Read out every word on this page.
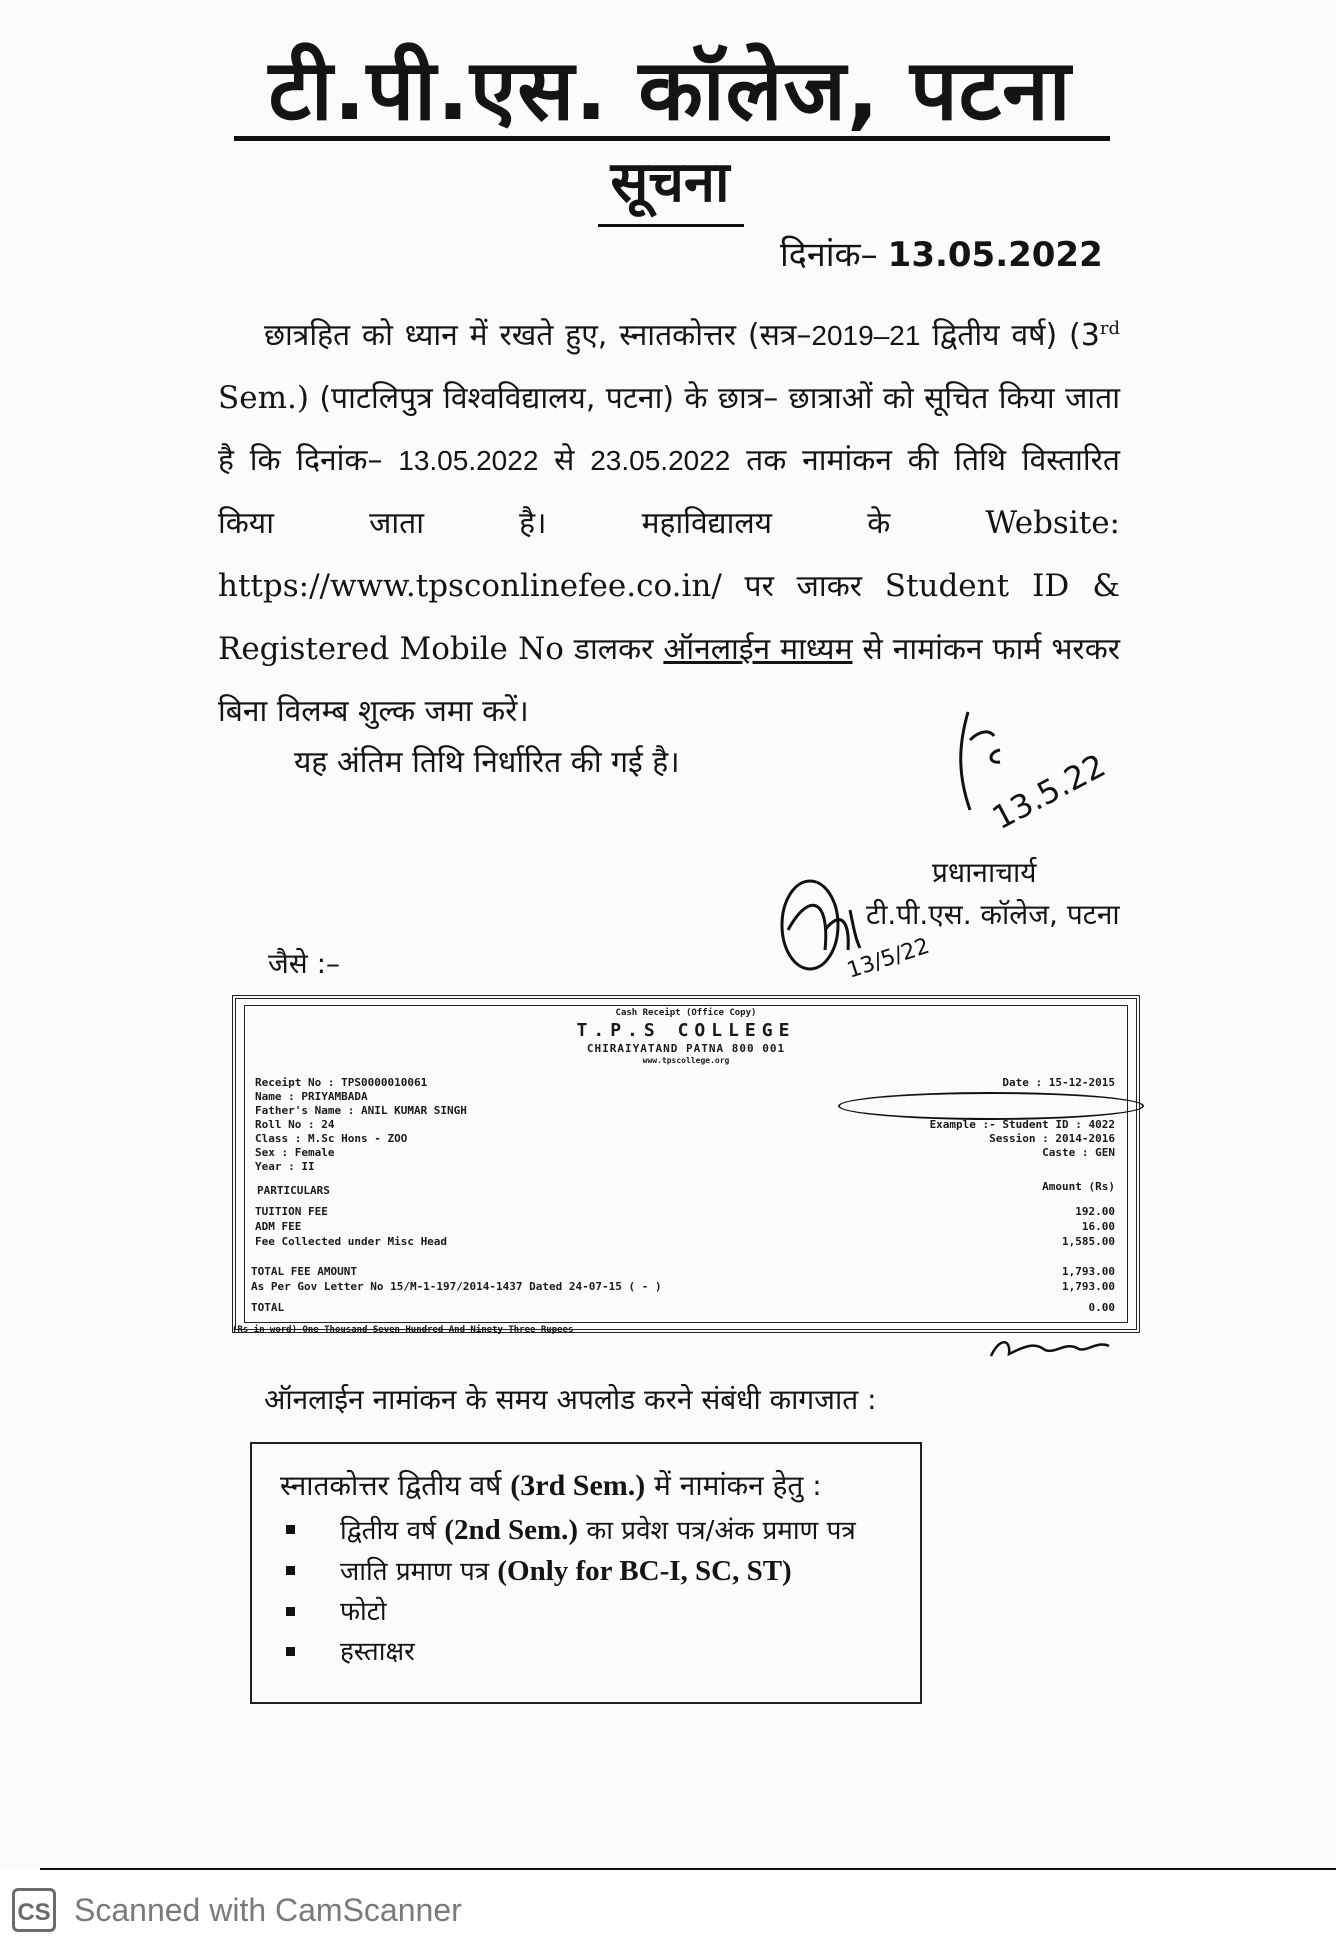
टी.पी.एस. कॉलेज, पटना
सूचना
दिनांक– 13.05.2022
छात्रहित को ध्यान में रखते हुए, स्नातकोत्तर (सत्र–2019–21 द्वितीय वर्ष) (3rd Sem.) (पाटलिपुत्र विश्वविद्यालय, पटना) के छात्र– छात्राओं को सूचित किया जाता है कि दिनांक– 13.05.2022 से 23.05.2022 तक नामांकन की तिथि विस्तारित किया जाता है। महाविद्यालय के Website: https://www.tpsconlinefee.co.in/ पर जाकर Student ID & Registered Mobile No डालकर ऑनलाईन माध्यम से नामांकन फार्म भरकर बिना विलम्ब शुल्क जमा करें।
यह अंतिम तिथि निर्धारित की गई है।	13.5.22
13/5/22
प्रधानाचार्य
टी.पी.एस. कॉलेज, पटना
जैसे :–
Cash Receipt (Office Copy)
T.P.S COLLEGE
CHIRAIYATAND PATNA 800 001
www.tpscollege.org
Receipt No : TPS0000010061
Name : PRIYAMBADA
Father's Name : ANIL KUMAR SINGH
Roll No : 24
Class : M.Sc Hons - ZOO
Sex : Female
Year : II
Date : 15-12-2015
Example :- Student ID : 4022
Session : 2014-2016
Caste : GEN
PARTICULARS	Amount (Rs)
TUITION FEE
ADM FEE
Fee Collected under Misc Head
192.00
16.00
1,585.00
TOTAL FEE AMOUNT
As Per Gov Letter No 15/M-1-197/2014-1437 Dated 24-07-15 ( - )
TOTAL
1,793.00
1,793.00
0.00
(Rs in word) One Thousand Seven Hundred And Ninety Three Rupees
ऑनलाईन नामांकन के समय अपलोड करने संबंधी कागजात :
स्नातकोत्तर द्वितीय वर्ष (3rd Sem.) में नामांकन हेतु :
द्वितीय वर्ष (2nd Sem.) का प्रवेश पत्र/अंक प्रमाण पत्र
जाति प्रमाण पत्र (Only for BC-I, SC, ST)
फोटो
हस्ताक्षर
CS Scanned with CamScanner
